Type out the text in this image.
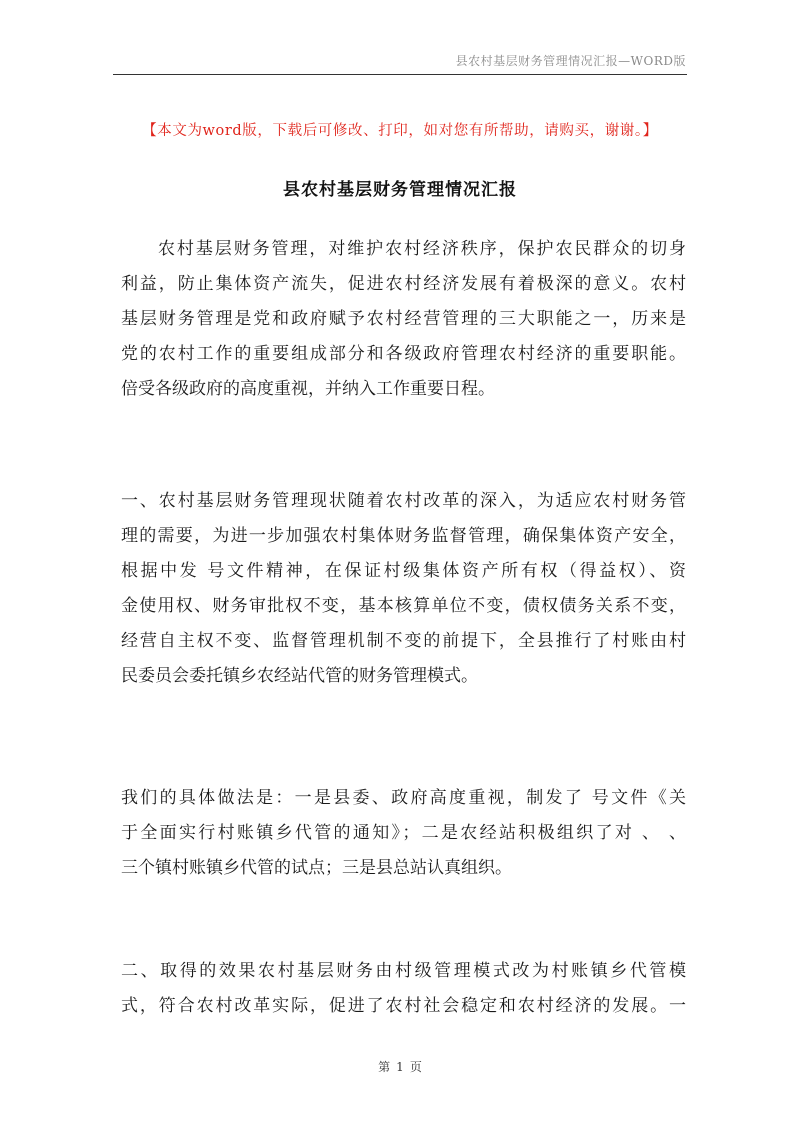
县农村基层财务管理情况汇报—WORD版
【本文为word版，下载后可修改、打印，如对您有所帮助，请购买，谢谢。】
县农村基层财务管理情况汇报
农村基层财务管理，对维护农村经济秩序，保护农民群众的切身
利益，防止集体资产流失，促进农村经济发展有着极深的意义。农村
基层财务管理是党和政府赋予农村经营管理的三大职能之一，历来是
党的农村工作的重要组成部分和各级政府管理农村经济的重要职能。
倍受各级政府的高度重视，并纳入工作重要日程。
一、农村基层财务管理现状随着农村改革的深入，为适应农村财务管
理的需要，为进一步加强农村集体财务监督管理，确保集体资产安全，
根据中发 号文件精神，在保证村级集体资产所有权（得益权）、资
金使用权、财务审批权不变，基本核算单位不变，债权债务关系不变，
经营自主权不变、监督管理机制不变的前提下，全县推行了村账由村
民委员会委托镇乡农经站代管的财务管理模式。
我们的具体做法是：一是县委、政府高度重视，制发了 号文件《关
于全面实行村账镇乡代管的通知》；二是农经站积极组织了对 、 、
三个镇村账镇乡代管的试点；三是县总站认真组织。
二、取得的效果农村基层财务由村级管理模式改为村账镇乡代管模
式，符合农村改革实际，促进了农村社会稳定和农村经济的发展。一
第 1 页
